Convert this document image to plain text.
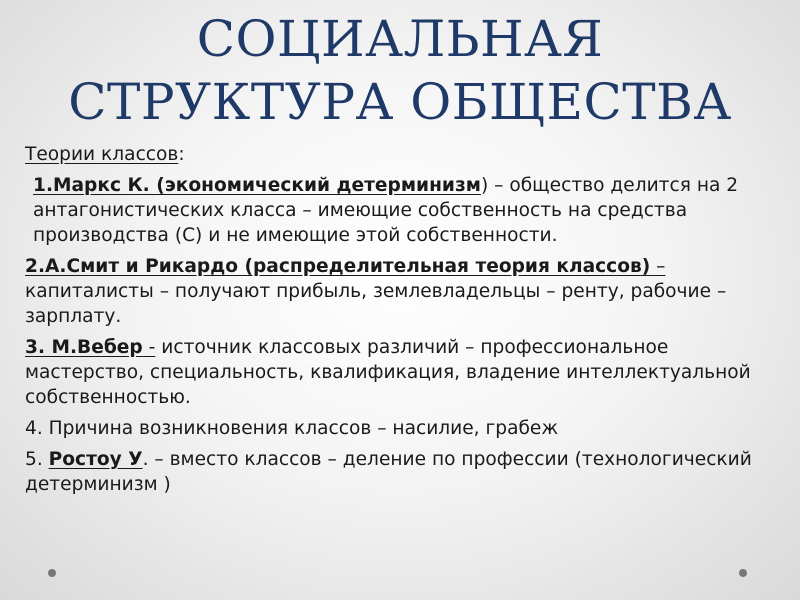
СОЦИАЛЬНАЯ
СТРУКТУРА ОБЩЕСТВА

Теории классов:

1.Маркс К. (экономический детерминизм) – общество делится на 2 антагонистических класса – имеющие собственность на средства производства (С) и не имеющие этой собственности.

2.А.Смит и Рикардо (распределительная теория классов) – капиталисты – получают прибыль, землевладельцы – ренту, рабочие – зарплату.

3. М.Вебер - источник классовых различий – профессиональное мастерство, специальность, квалификация, владение интеллектуальной собственностью.

4. Причина возникновения классов – насилие, грабеж

5. Ростоу У. – вместо классов – деление по профессии (технологический детерминизм )
